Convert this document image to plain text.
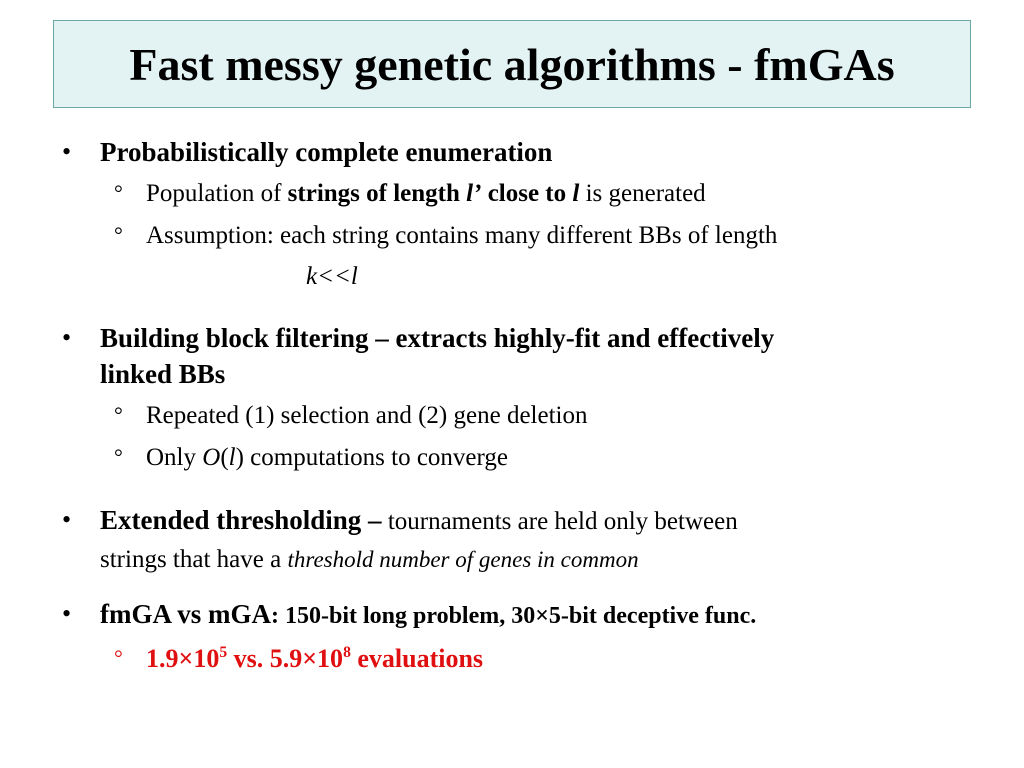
Fast messy genetic algorithms - fmGAs
• Probabilistically complete enumeration
° Population of strings of length l’ close to l is generated
° Assumption: each string contains many different BBs of length
k<<l
• Building block filtering – extracts highly-fit and effectively
linked BBs
° Repeated (1) selection and (2) gene deletion
° Only O(l) computations to converge
• Extended thresholding – tournaments are held only between
strings that have a threshold number of genes in common
• fmGA vs mGA: 150-bit long problem, 30×5-bit deceptive func.
° $1.9\times 10^5$ vs. $5.9\times 10^8$ evaluations
